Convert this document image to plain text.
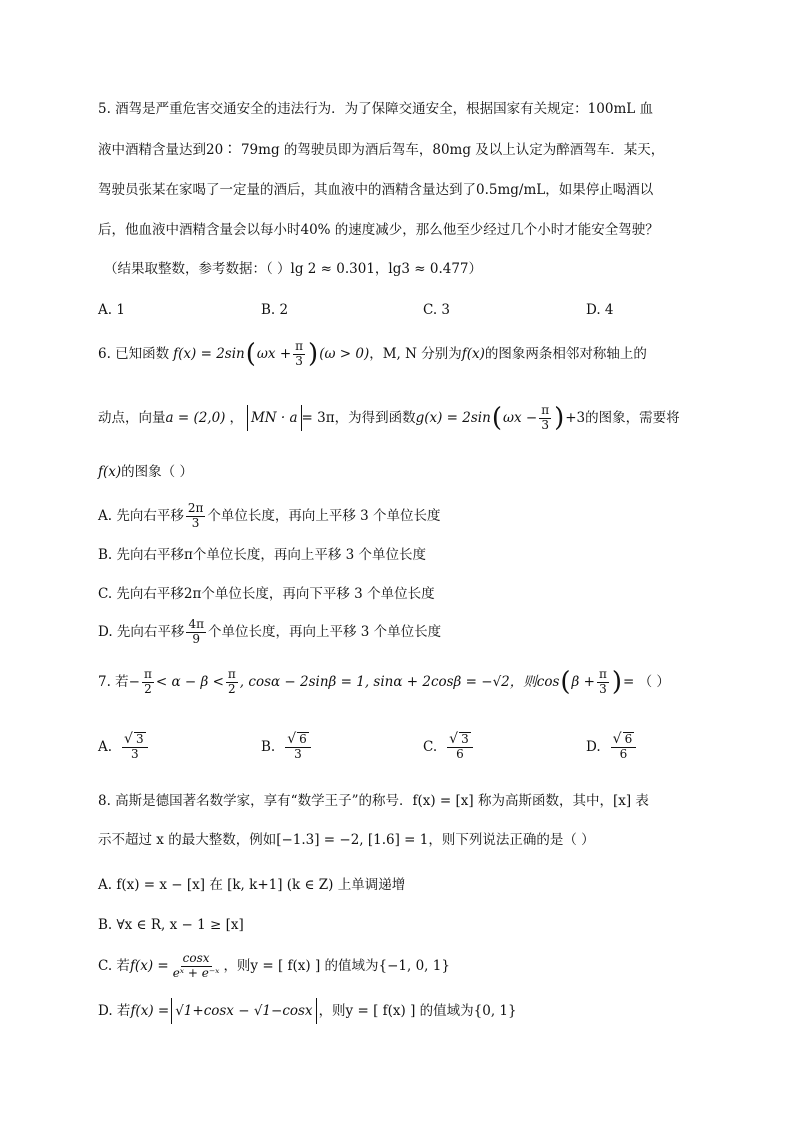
5. 酒驾是严重危害交通安全的违法行为．为了保障交通安全，根据国家有关规定：100mL 血
液中酒精含量达到20∶ 79mg 的驾驶员即为酒后驾车，80mg 及以上认定为醉酒驾车．某天，
驾驶员张某在家喝了一定量的酒后，其血液中的酒精含量达到了0.5mg/mL，如果停止喝酒以
后，他血液中酒精含量会以每小时40% 的速度减少，那么他至少经过几个小时才能安全驾驶？
（结果取整数，参考数据：（ ）lg 2 ≈ 0.301，lg3 ≈ 0.477）
A. 1	B. 2	C. 3	D. 4
6. 已知函数 f(x) = 2sin ( $\omega x + \frac{\pi}{3}$ ) (ω > 0) ，M, N 分别为 f(x) 的图象两条相邻对称轴上的
动点，向量 a = (2,0) ， MN · a = 3π ，为得到函数 g(x) = 2sin ( $\omega x - \frac{\pi}{3}$ ) +3 的图象，需要将
f(x) 的图象（ ）
A. 先向右平移 $\frac{2\pi}{3}$ 个单位长度，再向上平移 3 个单位长度
B. 先向右平移π个单位长度，再向上平移 3 个单位长度
C. 先向右平移2π个单位长度，再向下平移 3 个单位长度
D. 先向右平移 $\frac{4\pi}{9}$ 个单位长度，再向上平移 3 个单位长度
7. 若− $\frac{\pi}{2} < \alpha - \beta < \frac{\pi}{2}$ , cosα − 2sinβ = 1, sinα + 2cosβ = −√2，则cos ( $\beta + \frac{\pi}{3}$ ) = （ ）
A. $\frac{√ 3}{3}$	B. $\frac{√ 6}{3}$	C. $\frac{√ 3}{6}$	D. $\frac{√ 6}{6}$
8. 高斯是德国著名数学家，享有“数学王子”的称号．f(x) = [x] 称为高斯函数，其中，[x] 表
示不超过 x 的最大整数，例如[−1.3] = −2, [1.6] = 1，则下列说法正确的是（ ）
A. f(x) = x − [x] 在 [k, k+1] (k ∈ Z) 上单调递增
B. ∀x ∈ R, x − 1 ≥ [x]
C. 若 $f(x) = \frac{\cos x}{\text{eˣ + e⁻ˣ}}$ ，则y = [ f(x) ] 的值域为{−1, 0, 1}
D. 若 f(x) = √1+cosx − √1−cosx ，则y = [ f(x) ] 的值域为{0, 1}
